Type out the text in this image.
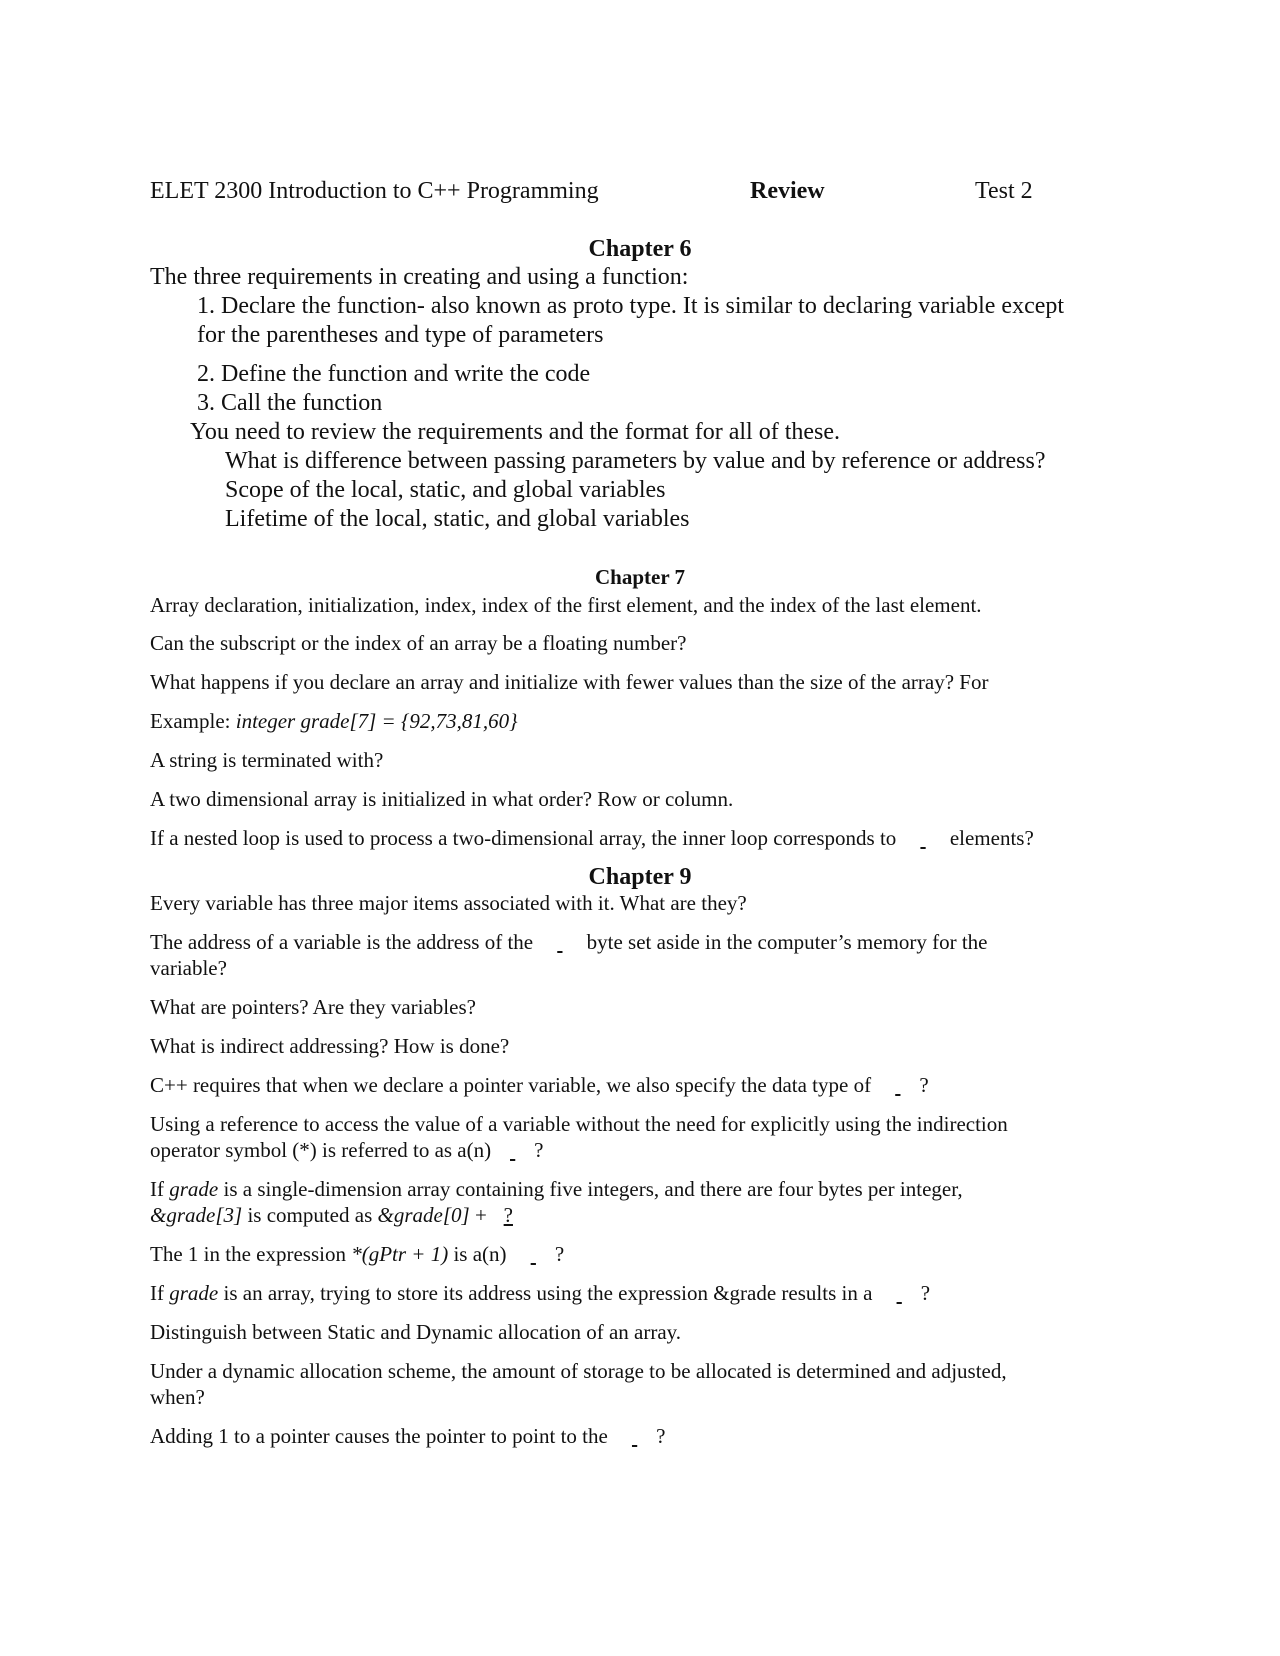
ELET 2300 Introduction to C++ Programming	Review	Test 2
Chapter 6
The three requirements in creating and using a function:
1. Declare the function- also known as proto type. It is similar to declaring variable except
for the parentheses and type of parameters
2. Define the function and write the code
3. Call the function
You need to review the requirements and the format for all of these.
What is difference between passing parameters by value and by reference or address?
Scope of the local, static, and global variables
Lifetime of the local, static, and global variables
Chapter 7
Array declaration, initialization, index, index of the first element, and the index of the last element.
Can the subscript or the index of an array be a floating number?
What happens if you declare an array and initialize with fewer values than the size of the array? For
Example: integer grade[7] = {92,73,81,60}
A string is terminated with?
A two dimensional array is initialized in what order? Row or column.
If a nested loop is used to process a two-dimensional array, the inner loop corresponds to   elements?
Chapter 9
Every variable has three major items associated with it. What are they?
The address of a variable is the address of the   byte set aside in the computer’s memory for the
variable?
What are pointers? Are they variables?
What is indirect addressing? How is done?
C++ requires that when we declare a pointer variable, we also specify the data type of  ?
Using a reference to access the value of a variable without the need for explicitly using the indirection
operator symbol (*) is referred to as a(n) ?
If grade is a single-dimension array containing five integers, and there are four bytes per integer,
&grade[3] is computed as &grade[0] + ?
The 1 in the expression *(gPtr + 1) is a(n)  ?
If grade is an array, trying to store its address using the expression &grade results in a  ?
Distinguish between Static and Dynamic allocation of an array.
Under a dynamic allocation scheme, the amount of storage to be allocated is determined and adjusted,
when?
Adding 1 to a pointer causes the pointer to point to the  ?
